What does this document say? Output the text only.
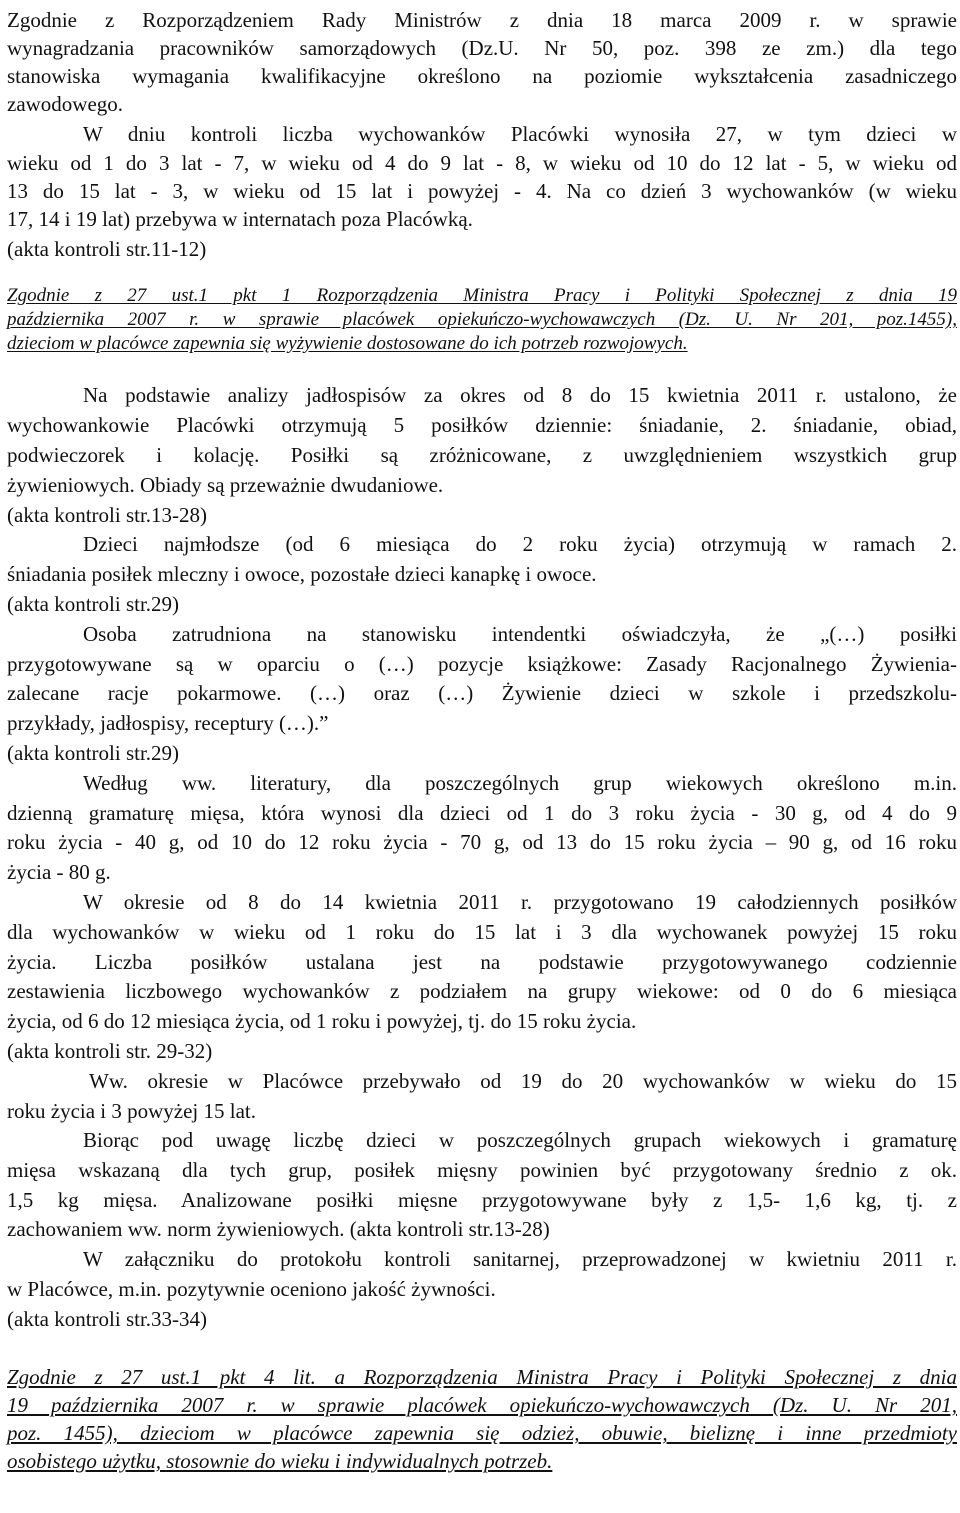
Zgodnie z Rozporządzeniem Rady Ministrów z dnia 18 marca 2009 r. w sprawie
wynagradzania pracowników samorządowych (Dz.U. Nr 50, poz. 398 ze zm.) dla tego
stanowiska wymagania kwalifikacyjne określono na poziomie wykształcenia zasadniczego
zawodowego.
W dniu kontroli liczba wychowanków Placówki wynosiła 27, w tym dzieci w
wieku od 1 do 3 lat - 7, w wieku od 4 do 9 lat - 8, w wieku od 10 do 12 lat - 5, w wieku od
13 do 15 lat - 3, w wieku od 15 lat i powyżej - 4. Na co dzień 3 wychowanków (w wieku
17, 14 i 19 lat) przebywa w internatach poza Placówką.
(akta kontroli str.11-12)
Zgodnie z 27 ust.1 pkt 1 Rozporządzenia Ministra Pracy i Polityki Społecznej z dnia 19
października 2007 r. w sprawie placówek opiekuńczo-wychowawczych (Dz. U. Nr 201, poz.1455),
dzieciom w placówce zapewnia się wyżywienie dostosowane do ich potrzeb rozwojowych.
Na podstawie analizy jadłospisów za okres od 8 do 15 kwietnia 2011 r. ustalono, że
wychowankowie Placówki otrzymują 5 posiłków dziennie: śniadanie, 2. śniadanie, obiad,
podwieczorek i kolację. Posiłki są zróżnicowane, z uwzględnieniem wszystkich grup
żywieniowych. Obiady są przeważnie dwudaniowe.
(akta kontroli str.13-28)
Dzieci najmłodsze (od 6 miesiąca do 2 roku życia) otrzymują w ramach 2.
śniadania posiłek mleczny i owoce, pozostałe dzieci kanapkę i owoce.
(akta kontroli str.29)
Osoba zatrudniona na stanowisku intendentki oświadczyła, że „(…) posiłki
przygotowywane są w oparciu o (…) pozycje książkowe: Zasady Racjonalnego Żywienia-
zalecane racje pokarmowe. (…) oraz (…) Żywienie dzieci w szkole i przedszkolu-
przykłady, jadłospisy, receptury (…).”
(akta kontroli str.29)
Według ww. literatury, dla poszczególnych grup wiekowych określono m.in.
dzienną gramaturę mięsa, która wynosi dla dzieci od 1 do 3 roku życia - 30 g, od 4 do 9
roku życia - 40 g, od 10 do 12 roku życia - 70 g, od 13 do 15 roku życia – 90 g, od 16 roku
życia - 80 g.
W okresie od 8 do 14 kwietnia 2011 r. przygotowano 19 całodziennych posiłków
dla wychowanków w wieku od 1 roku do 15 lat i 3 dla wychowanek powyżej 15 roku
życia. Liczba posiłków ustalana jest na podstawie przygotowywanego codziennie
zestawienia liczbowego wychowanków z podziałem na grupy wiekowe: od 0 do 6 miesiąca
życia, od 6 do 12 miesiąca życia, od 1 roku i powyżej, tj. do 15 roku życia.
(akta kontroli str. 29-32)
Ww. okresie w Placówce przebywało od 19 do 20 wychowanków w wieku do 15
roku życia i 3 powyżej 15 lat.
Biorąc pod uwagę liczbę dzieci w poszczególnych grupach wiekowych i gramaturę
mięsa wskazaną dla tych grup, posiłek mięsny powinien być przygotowany średnio z ok.
1,5 kg mięsa. Analizowane posiłki mięsne przygotowywane były z 1,5- 1,6 kg, tj. z
zachowaniem ww. norm żywieniowych. (akta kontroli str.13-28)
W załączniku do protokołu kontroli sanitarnej, przeprowadzonej w kwietniu 2011 r.
w Placówce, m.in. pozytywnie oceniono jakość żywności.
(akta kontroli str.33-34)
Zgodnie z 27 ust.1 pkt 4 lit. a Rozporządzenia Ministra Pracy i Polityki Społecznej z dnia
19 października 2007 r. w sprawie placówek opiekuńczo-wychowawczych (Dz. U. Nr 201,
poz. 1455), dzieciom w placówce zapewnia się odzież, obuwie, bieliznę i inne przedmioty
osobistego użytku, stosownie do wieku i indywidualnych potrzeb.
